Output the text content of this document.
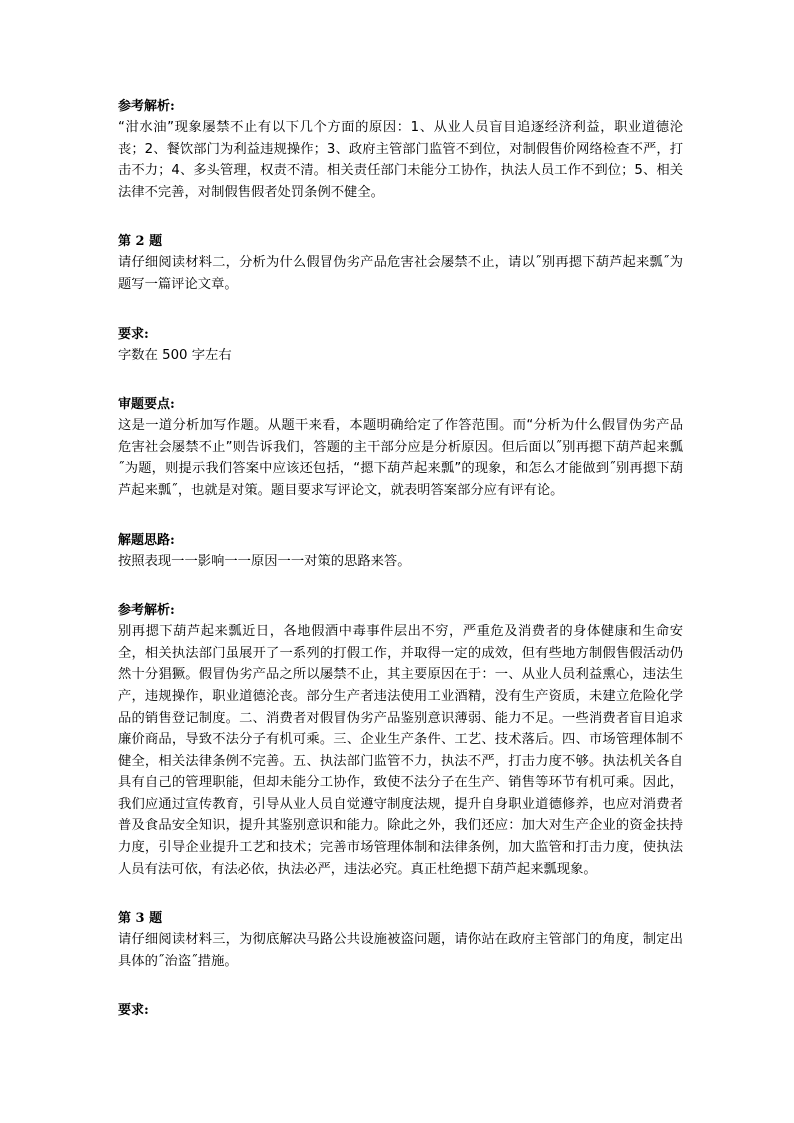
参考解析:

“泔水油”现象屡禁不止有以下几个方面的原因：1、从业人员盲目追逐经济利益，职业道德沦丧；2、餐饮部门为利益违规操作；3、政府主管部门监管不到位，对制假售价网络检查不严，打击不力；4、多头管理，权责不清。相关责任部门未能分工协作，执法人员工作不到位；5、相关法律不完善，对制假售假者处罚条例不健全。

第 2 题

请仔细阅读材料二，分析为什么假冒伪劣产品危害社会屡禁不止，请以˝别再摁下葫芦起来瓢˝为题写一篇评论文章。

要求:

字数在 500 字左右

审题要点:

这是一道分析加写作题。从题干来看，本题明确给定了作答范围。而“分析为什么假冒伪劣产品危害社会屡禁不止”则告诉我们，答题的主干部分应是分析原因。但后面以˝别再摁下葫芦起来瓢˝为题，则提示我们答案中应该还包括，“摁下葫芦起来瓢”的现象，和怎么才能做到˝别再摁下葫芦起来瓢˝，也就是对策。题目要求写评论文，就表明答案部分应有评有论。

解题思路:

按照表现一一影响一一原因一一对策的思路来答。

参考解析:

别再摁下葫芦起来瓢近日，各地假酒中毒事件层出不穷，严重危及消费者的身体健康和生命安全，相关执法部门虽展开了一系列的打假工作，并取得一定的成效，但有些地方制假售假活动仍然十分猖獗。假冒伪劣产品之所以屡禁不止，其主要原因在于：一、从业人员利益熏心，违法生产，违规操作，职业道德沦丧。部分生产者违法使用工业酒精，没有生产资质，未建立危险化学品的销售登记制度。二、消费者对假冒伪劣产品鉴别意识薄弱、能力不足。一些消费者盲目追求廉价商品，导致不法分子有机可乘。三、企业生产条件、工艺、技术落后。四、市场管理体制不健全，相关法律条例不完善。五、执法部门监管不力，执法不严，打击力度不够。执法机关各自具有自己的管理职能，但却未能分工协作，致使不法分子在生产、销售等环节有机可乘。因此，我们应通过宣传教育，引导从业人员自觉遵守制度法规，提升自身职业道德修养，也应对消费者普及食品安全知识，提升其鉴别意识和能力。除此之外，我们还应：加大对生产企业的资金扶持力度，引导企业提升工艺和技术；完善市场管理体制和法律条例，加大监管和打击力度，使执法人员有法可依，有法必依，执法必严，违法必究。真正杜绝摁下葫芦起来瓢现象。

第 3 题

请仔细阅读材料三，为彻底解决马路公共设施被盗问题，请你站在政府主管部门的角度，制定出具体的˝治盗˝措施。

要求:
